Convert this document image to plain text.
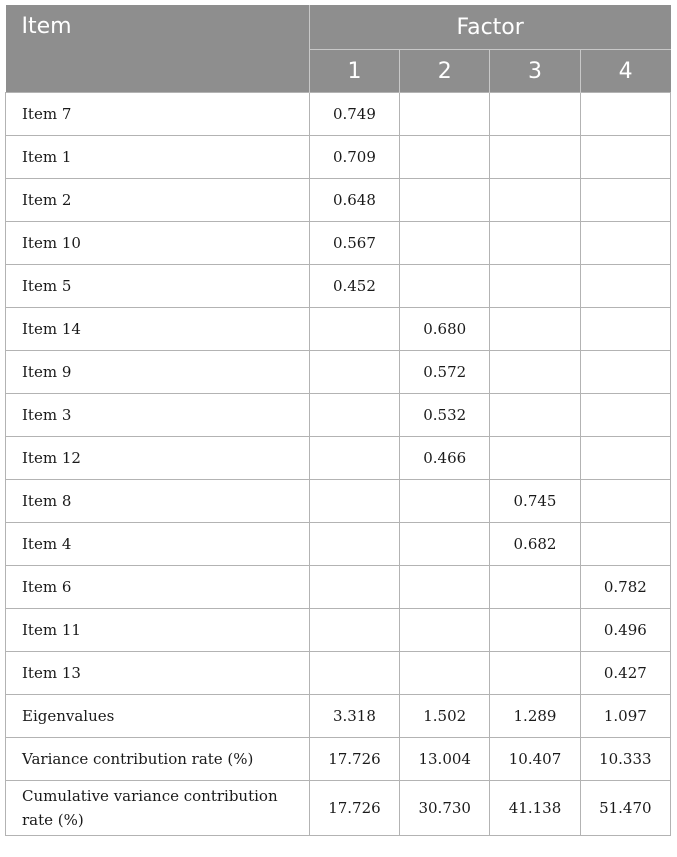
Item	Factor			
	1	2	3	4
Item 7	0.749			
Item 1	0.709			
Item 2	0.648			
Item 10	0.567			
Item 5	0.452			
Item 14		0.680		
Item 9		0.572		
Item 3		0.532		
Item 12		0.466		
Item 8			0.745	
Item 4			0.682	
Item 6				0.782
Item 11				0.496
Item 13				0.427
Eigenvalues	3.318	1.502	1.289	1.097
Variance contribution rate (%)	17.726	13.004	10.407	10.333
Cumulative variance contribution rate (%)	17.726	30.730	41.138	51.470
